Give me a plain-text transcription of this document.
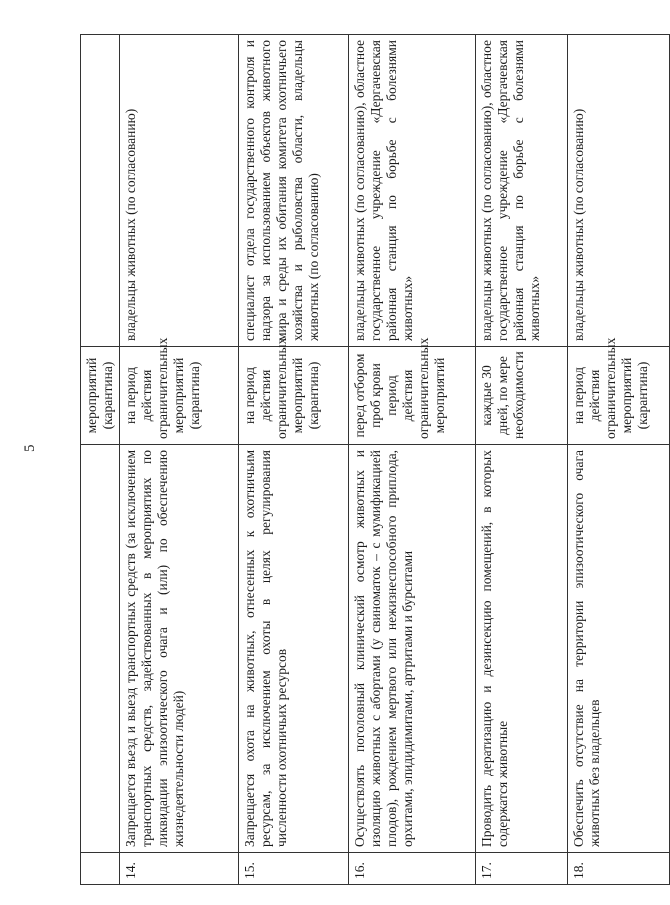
5
		мероприятий (карантина)	
14.	Запрещается въезд и выезд транспортных средств (за исключением транспортных средств, задействованных в мероприятиях по ликвидации эпизоотического очага и (или) по обеспечению жизнедеятельности людей)	на период действия ограничительных мероприятий (карантина)	владельцы животных (по согласованию)
15.	Запрещается охота на животных, отнесенных к охотничьим ресурсам, за исключением охоты в целях регулирования численности охотничьих ресурсов	на период действия ограничительных мероприятий (карантина)	специалист отдела государственного контроля и надзора за использованием объектов животного мира и среды их обитания комитета охотничьего хозяйства и рыболовства области, владельцы животных (по согласованию)
16.	Осуществлять поголовный клинический осмотр животных и изоляцию животных с абортами (у свиноматок – с мумификацией плодов), рождением мертвого или нежизнеспособного приплода, орхитами, эпидидимитами, артритами и бурситами	перед отбором проб крови период действия ограничительных мероприятий	владельцы животных (по согласованию), областное государственное учреждение «Дергачевская районная станция по борьбе с болезнями животных»
17.	Проводить дератизацию и дезинсекцию помещений, в которых содержатся животные	каждые 30 дней, по мере необходимости	владельцы животных (по согласованию), областное государственное учреждение «Дергачевская районная станция по борьбе с болезнями животных»
18.	Обеспечить отсутствие на территории эпизоотического очага животных без владельцев	на период действия ограничительных мероприятий (карантина)	владельцы животных (по согласованию)
